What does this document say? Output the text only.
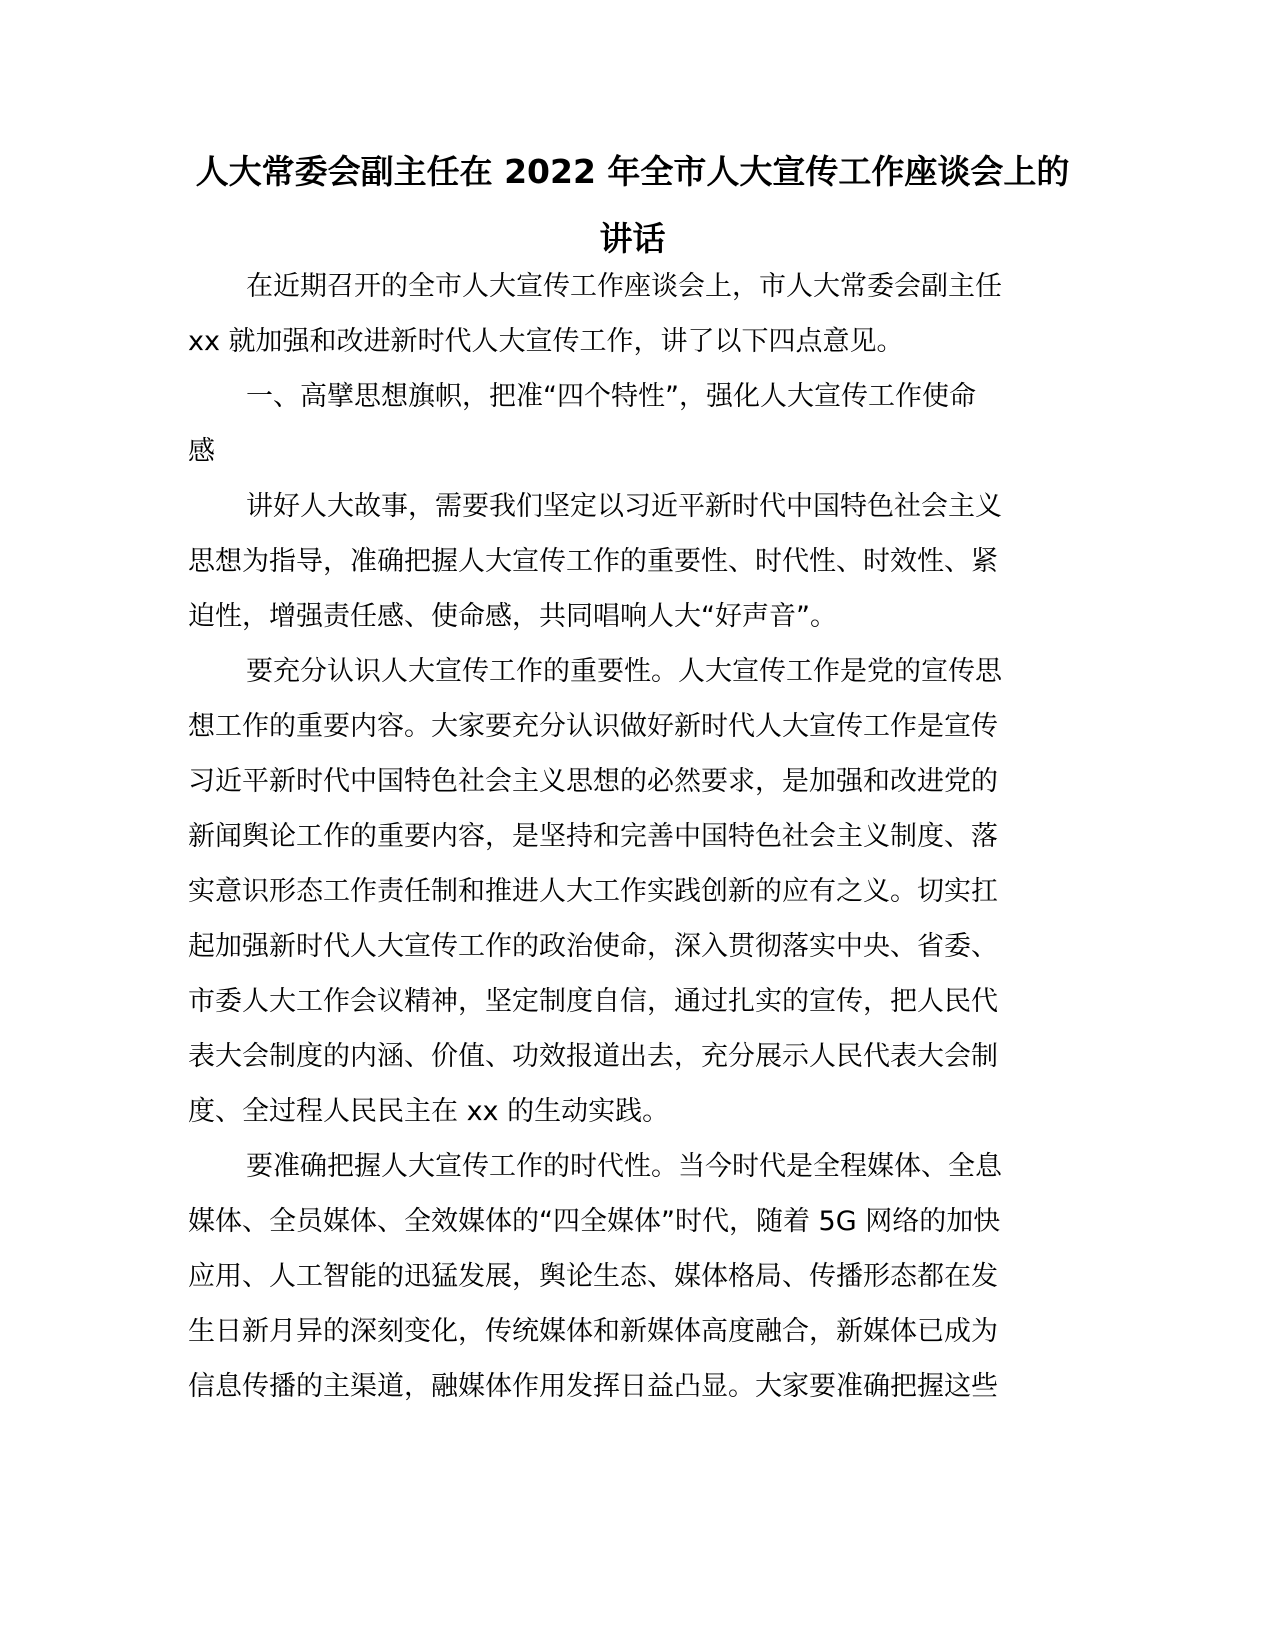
人大常委会副主任在 2022 年全市人大宣传工作座谈会上的
讲话

在近期召开的全市人大宣传工作座谈会上，市人大常委会副主任

xx 就加强和改进新时代人大宣传工作，讲了以下四点意见。

一、高擘思想旗帜，把准“四个特性”，强化人大宣传工作使命

感

讲好人大故事，需要我们坚定以习近平新时代中国特色社会主义

思想为指导，准确把握人大宣传工作的重要性、时代性、时效性、紧

迫性，增强责任感、使命感，共同唱响人大“好声音”。

要充分认识人大宣传工作的重要性。人大宣传工作是党的宣传思

想工作的重要内容。大家要充分认识做好新时代人大宣传工作是宣传

习近平新时代中国特色社会主义思想的必然要求，是加强和改进党的

新闻舆论工作的重要内容，是坚持和完善中国特色社会主义制度、落

实意识形态工作责任制和推进人大工作实践创新的应有之义。切实扛

起加强新时代人大宣传工作的政治使命，深入贯彻落实中央、省委、

市委人大工作会议精神，坚定制度自信，通过扎实的宣传，把人民代

表大会制度的内涵、价值、功效报道出去，充分展示人民代表大会制

度、全过程人民民主在 xx 的生动实践。

要准确把握人大宣传工作的时代性。当今时代是全程媒体、全息

媒体、全员媒体、全效媒体的“四全媒体”时代，随着 5G 网络的加快

应用、人工智能的迅猛发展，舆论生态、媒体格局、传播形态都在发

生日新月异的深刻变化，传统媒体和新媒体高度融合，新媒体已成为

信息传播的主渠道，融媒体作用发挥日益凸显。大家要准确把握这些
